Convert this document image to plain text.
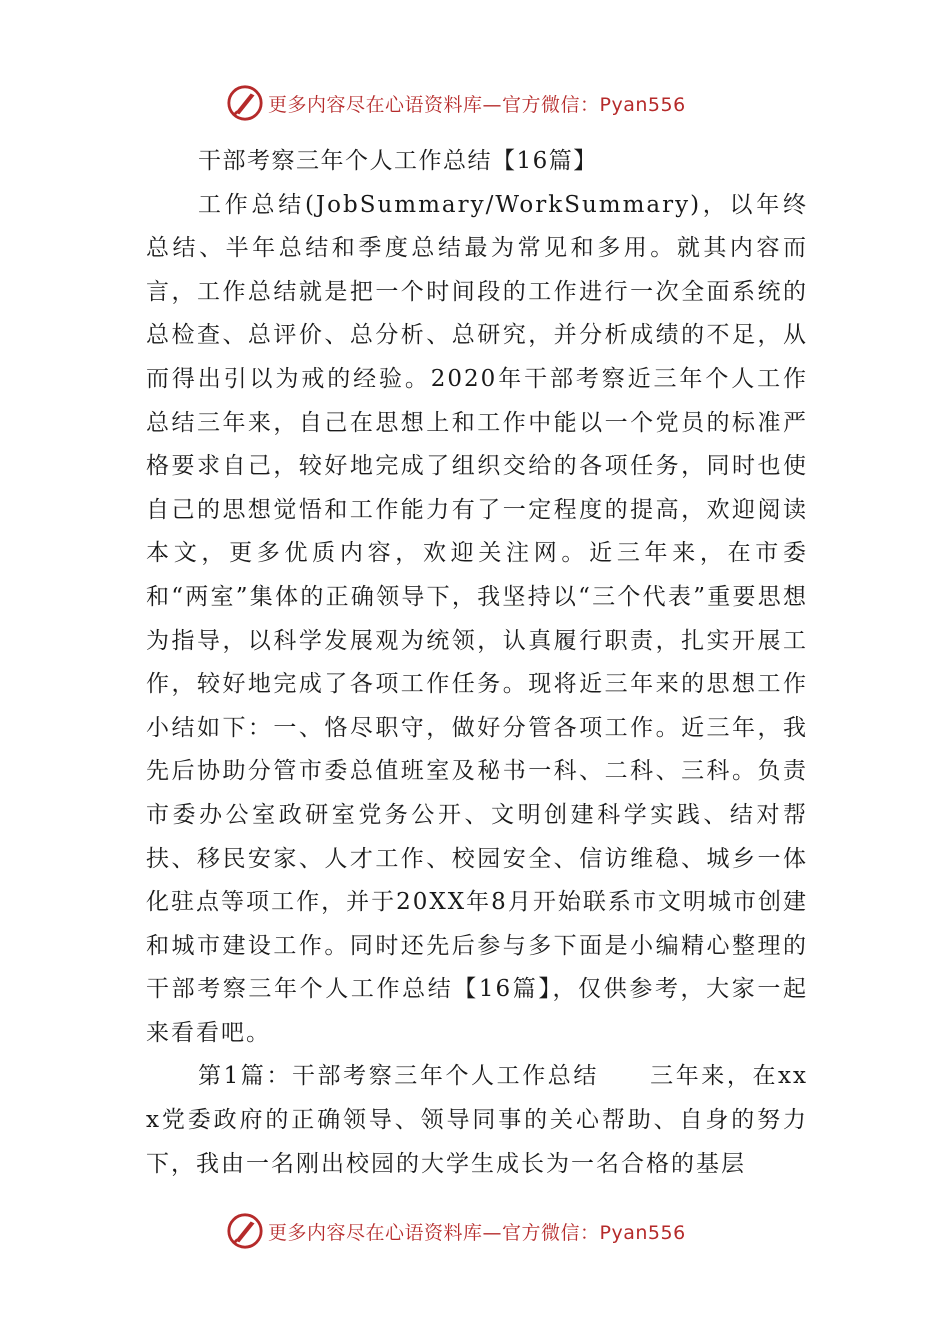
更多内容尽在心语资料库—官方微信：Pyan556
干部考察三年个人工作总结【16篇】

工作总结(JobSummary/WorkSummary)，以年终总结、半年总结和季度总结最为常见和多用。就其内容而言，工作总结就是把一个时间段的工作进行一次全面系统的总检查、总评价、总分析、总研究，并分析成绩的不足，从而得出引以为戒的经验。2020年干部考察近三年个人工作总结三年来，自己在思想上和工作中能以一个党员的标准严格要求自己，较好地完成了组织交给的各项任务，同时也使自己的思想觉悟和工作能力有了一定程度的提高，欢迎阅读本文，更多优质内容，欢迎关注网。近三年来，在市委和“两室”集体的正确领导下，我坚持以“三个代表”重要思想为指导，以科学发展观为统领，认真履行职责，扎实开展工作，较好地完成了各项工作任务。现将近三年来的思想工作小结如下：一、恪尽职守，做好分管各项工作。近三年，我先后协助分管市委总值班室及秘书一科、二科、三科。负责市委办公室政研室党务公开、文明创建科学实践、结对帮扶、移民安家、人才工作、校园安全、信访维稳、城乡一体化驻点等项工作，并于20XX年8月开始联系市文明城市创建和城市建设工作。同时还先后参与多下面是小编精心整理的干部考察三年个人工作总结【16篇】，仅供参考，大家一起来看看吧。

第1篇：干部考察三年个人工作总结　　三年来，在xxx党委政府的正确领导、领导同事的关心帮助、自身的努力下，我由一名刚出校园的大学生成长为一名合格的基层

更多内容尽在心语资料库—官方微信：Pyan556
